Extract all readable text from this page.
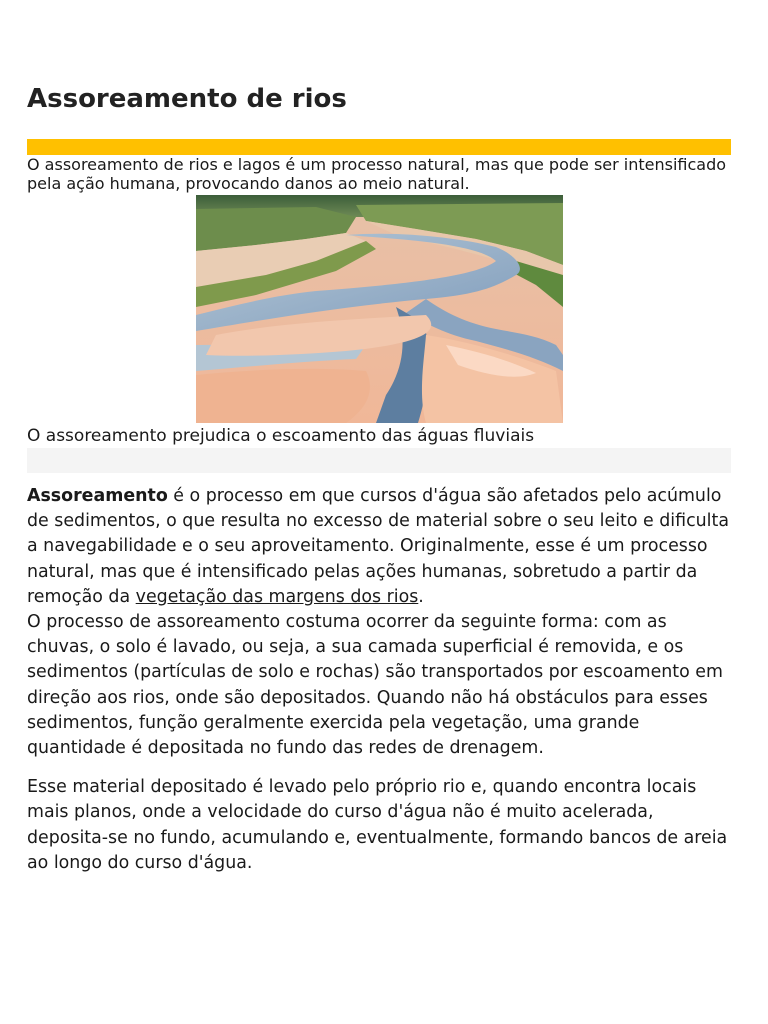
Assoreamento de rios

O assoreamento de rios e lagos é um processo natural, mas que pode ser intensificado pela ação humana, provocando danos ao meio natural.

O assoreamento prejudica o escoamento das águas fluviais

Assoreamento é o processo em que cursos d'água são afetados pelo acúmulo de sedimentos, o que resulta no excesso de material sobre o seu leito e dificulta a navegabilidade e o seu aproveitamento. Originalmente, esse é um processo natural, mas que é intensificado pelas ações humanas, sobretudo a partir da remoção da vegetação das margens dos rios.

O processo de assoreamento costuma ocorrer da seguinte forma: com as chuvas, o solo é lavado, ou seja, a sua camada superficial é removida, e os sedimentos (partículas de solo e rochas) são transportados por escoamento em direção aos rios, onde são depositados. Quando não há obstáculos para esses sedimentos, função geralmente exercida pela vegetação, uma grande quantidade é depositada no fundo das redes de drenagem.

Esse material depositado é levado pelo próprio rio e, quando encontra locais mais planos, onde a velocidade do curso d'água não é muito acelerada, deposita-se no fundo, acumulando e, eventualmente, formando bancos de areia ao longo do curso d'água.
